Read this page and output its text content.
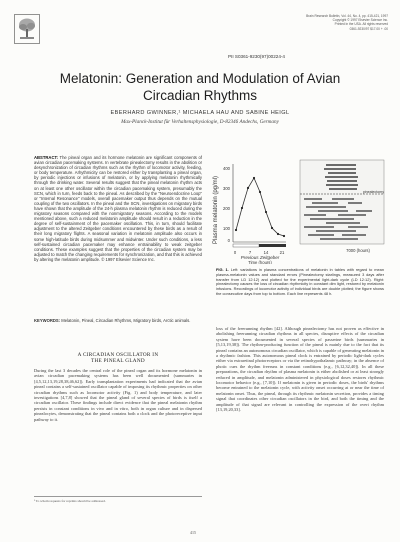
Brain Research Bulletin, Vol. 44, No. 4, pp. 415-421, 1997
Copyright © 1997 Elsevier Science Inc.
Printed in the USA. All rights reserved
0361-9230/97 $17.00 + .00
PII S0361-9230(97)00224-4
Melatonin: Generation and Modulation of Avian
Circadian Rhythms
EBERHARD GWINNER,¹ MICHAELA HAU AND SABINE HEIGL
Max-Planck-Institut für Verhaltensphysiologie, D-82346 Andechs, Germany
ABSTRACT: The pineal organ and its hormone melatonin are significant components of avian circadian pacemaking systems. In vertebrate pinealectomy results in the abolition or desynchronization of circadian rhythms such as the rhythm of locomotor activity, feeding, or body temperature. Arhythmicity can be restored either by transplanting a pineal organ, by periodic injections or infusions of melatonin, or by applying melatonin rhythmically through the drinking water. Several results suggest that the pineal melatonin rhythm acts on at least one other oscillator within the circadian pacemaking system, presumably the SCN, which in turn, feeds back to the pineal. As described by the "Neuroendocrine Loop" or "Internal Resonance" models, overall pacemaker output thus depends on the mutual coupling of the two oscillators. In the pineal and the SCN, investigations on migratory birds have shown that the amplitude of the 24-h plasma melatonin rhythm is reduced during the migratory seasons compared with the nonmigratory seasons. According to the models mentioned above, such a reduced melatonin amplitude should result in a reduction in the degree of self-sustainment of the pacemaker oscillation. This, in turn, should facilitate adjustment to the altered Zeitgeber conditions encountered by these birds as a result of their long migratory flights. A seasonal variation in melatonin amplitude also occurs in some high-latitude birds during midsummer and midwinter. Under such conditions, a less self-sustained circadian pacemaker may enhance entrainability to weak zeitgeber conditions. These examples suggest that the properties of the circadian system may be adjusted to match the changing requirements for synchronization, and that this is achieved by altering the melatonin amplitude. © 1997 Elsevier Science Inc.
KEYWORDS: Melatonin, Pineal, Circadian Rhythms, Migratory birds, Arctic animals.
A CIRCADIAN OSCILLATOR IN
THE PINEAL GLAND
During the last 3 decades the central role of the pineal organ and its hormone melatonin in avian circadian pacemaking systems has been well documented (summaries in [4,5,12,13,19,28,38,46,62]). Early transplantation experiments had indicated that the avian pineal contains a self-sustained oscillator capable of imposing its rhythmic properties on other circadian rhythms such as locomotor activity (Fig. 1) and body temperature, and later investigations [4,7,8] showed that the pineal gland of several species of birds is itself a circadian oscillator. These findings include direct evidence that the pineal melatonin rhythm persists in constant conditions in vivo and in vitro, both in organ culture and in dispersed pinealocytes, demonstrating that the pineal contains both a clock and the photoreceptive input pathway to it.
¹ To whom requests for reprints should be addressed.
Plasma melatonin (pg/ml)
400
300
200
100
0
0	7	14	21
Previous Zeitgeber
Time (hours)
pinealectomy
7000 (hours)
FIG. 1. Left: variations in plasma concentrations of melatonin in tables with regard to mean plasma-melatonin values and standard errors (Pinealectomy starlings, measured 3 days after transfer from LD 12:12) and plotted for the experimental light-dark cycle (LD 12:12). Right: pinealectomy causes the loss of circadian rhythmicity in constant dim light, restored by melatonin infusions. Recordings of locomotor activity of individual birds are double plotted; the figure shows the consecutive days from top to bottom. Each line represents 48 h.
loss of the freerunning rhythm [42]. Although pinealectomy has not proven as effective in abolishing freerunning circadian rhythms in all species, disruptive effects of the circadian system have been documented in several species of passerine birds (summaries in [5,13,19,38]). The rhythm-producing function of the pineal is mainly due to the fact that its pineal contains an autonomous circadian oscillator, which is capable of generating melatonin in a rhythmic fashion. This autonomous pineal clock is entrained by periodic light-dark cycles either via extraretinal photoreceptors or via the retinohypothalamic pathway; in the absence of photic cues the rhythm freeruns in constant conditions (e.g., [6,12,32,40]). In all these preparations, the circadian rhythm of plasma melatonin is either abolished or at least strongly reduced in amplitude, and melatonin administered in physiological doses restores rhythmic locomotor behavior (e.g., [7,10]). If melatonin is given in periodic doses, the birds' rhythms become entrained to the melatonin cycle, with activity onset occurring at or near the time of melatonin onset. Thus, the pineal, through its rhythmic melatonin secretion, provides a timing signal that coordinates other circadian oscillators in the bird, and both the timing and the amplitude of that signal are relevant in controlling the expression of the overt rhythm [13,19,20,33].
415
